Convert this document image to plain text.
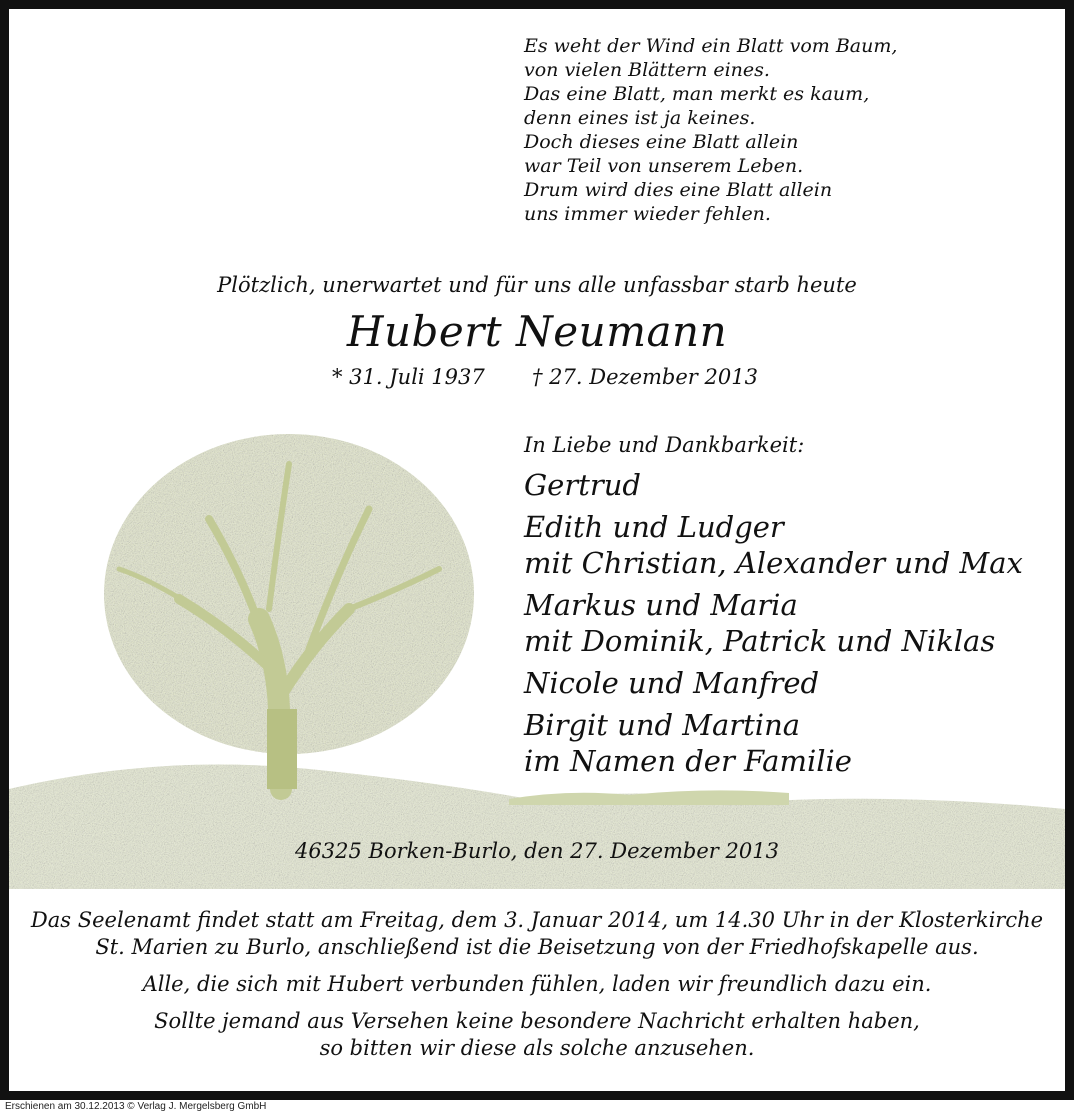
Es weht der Wind ein Blatt vom Baum,
von vielen Blättern eines.
Das eine Blatt, man merkt es kaum,
denn eines ist ja keines.
Doch dieses eine Blatt allein
war Teil von unserem Leben.
Drum wird dies eine Blatt allein
uns immer wieder fehlen.
Plötzlich, unerwartet und für uns alle unfassbar starb heute
Hubert Neumann
* 31. Juli 1937 † 27. Dezember 2013
In Liebe und Dankbarkeit:
Gertrud
Edith und Ludger
mit Christian, Alexander und Max
Markus und Maria
mit Dominik, Patrick und Niklas
Nicole und Manfred
Birgit und Martina
im Namen der Familie
46325 Borken-Burlo, den 27. Dezember 2013

Das Seelenamt findet statt am Freitag, dem 3. Januar 2014, um 14.30 Uhr in der Klosterkirche
St. Marien zu Burlo, anschließend ist die Beisetzung von der Friedhofskapelle aus.

Alle, die sich mit Hubert verbunden fühlen, laden wir freundlich dazu ein.

Sollte jemand aus Versehen keine besondere Nachricht erhalten haben,
so bitten wir diese als solche anzusehen.

Erschienen am 30.12.2013 © Verlag J. Mergelsberg GmbH
